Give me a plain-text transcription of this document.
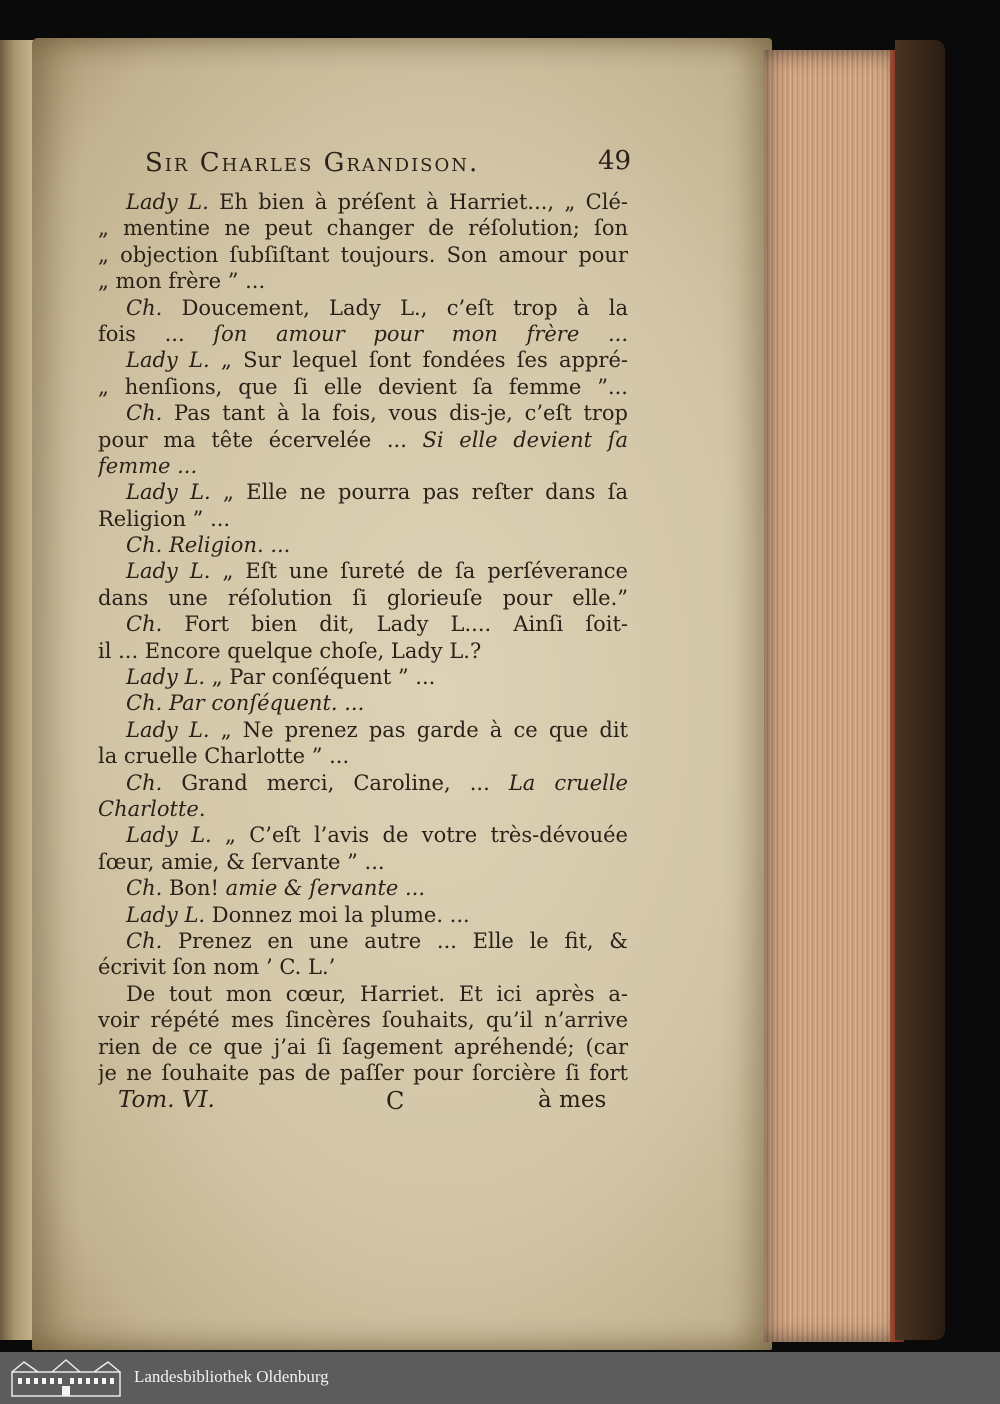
Sir Charles Grandison.	49
Lady L. Eh bien à préſent à Harriet..., „ Clé-
„ mentine ne peut changer de réſolution; ſon
„ objection ſubſiſtant toujours. Son amour pour
„ mon frère ” ...
Ch. Doucement, Lady L., c’eſt trop à la
fois ... ſon amour pour mon frère ...
Lady L. „ Sur lequel ſont fondées ſes appré-
„ henſions, que ſi elle devient ſa femme ”...
Ch. Pas tant à la fois, vous dis-je, c’eſt trop
pour ma tête écervelée ... Si elle devient ſa
femme ...
Lady L. „ Elle ne pourra pas reſter dans ſa
Religion ” ...
Ch. Religion. ...
Lady L. „ Eſt une ſureté de ſa perſéverance
dans une réſolution ſi glorieuſe pour elle.”
Ch. Fort bien dit, Lady L.... Ainſi ſoit-
il ... Encore quelque choſe, Lady L.?
Lady L. „ Par conſéquent ” ...
Ch. Par conſéquent. ...
Lady L. „ Ne prenez pas garde à ce que dit
la cruelle Charlotte ” ...
Ch. Grand merci, Caroline, ... La cruelle
Charlotte.
Lady L. „ C’eſt l’avis de votre très-dévouée
ſœur, amie, & ſervante ” ...
Ch. Bon! amie & ſervante ...
Lady L. Donnez moi la plume. ...
Ch. Prenez en une autre ... Elle le fit, &
écrivit ſon nom ’ C. L.’
De tout mon cœur, Harriet. Et ici après a-
voir répété mes ſincères ſouhaits, qu’il n’arrive
rien de ce que j’ai ſi ſagement apréhendé; (car
je ne ſouhaite pas de paſſer pour ſorcière ſi fort
Tom. VI.	C	à mes
Landesbibliothek Oldenburg
